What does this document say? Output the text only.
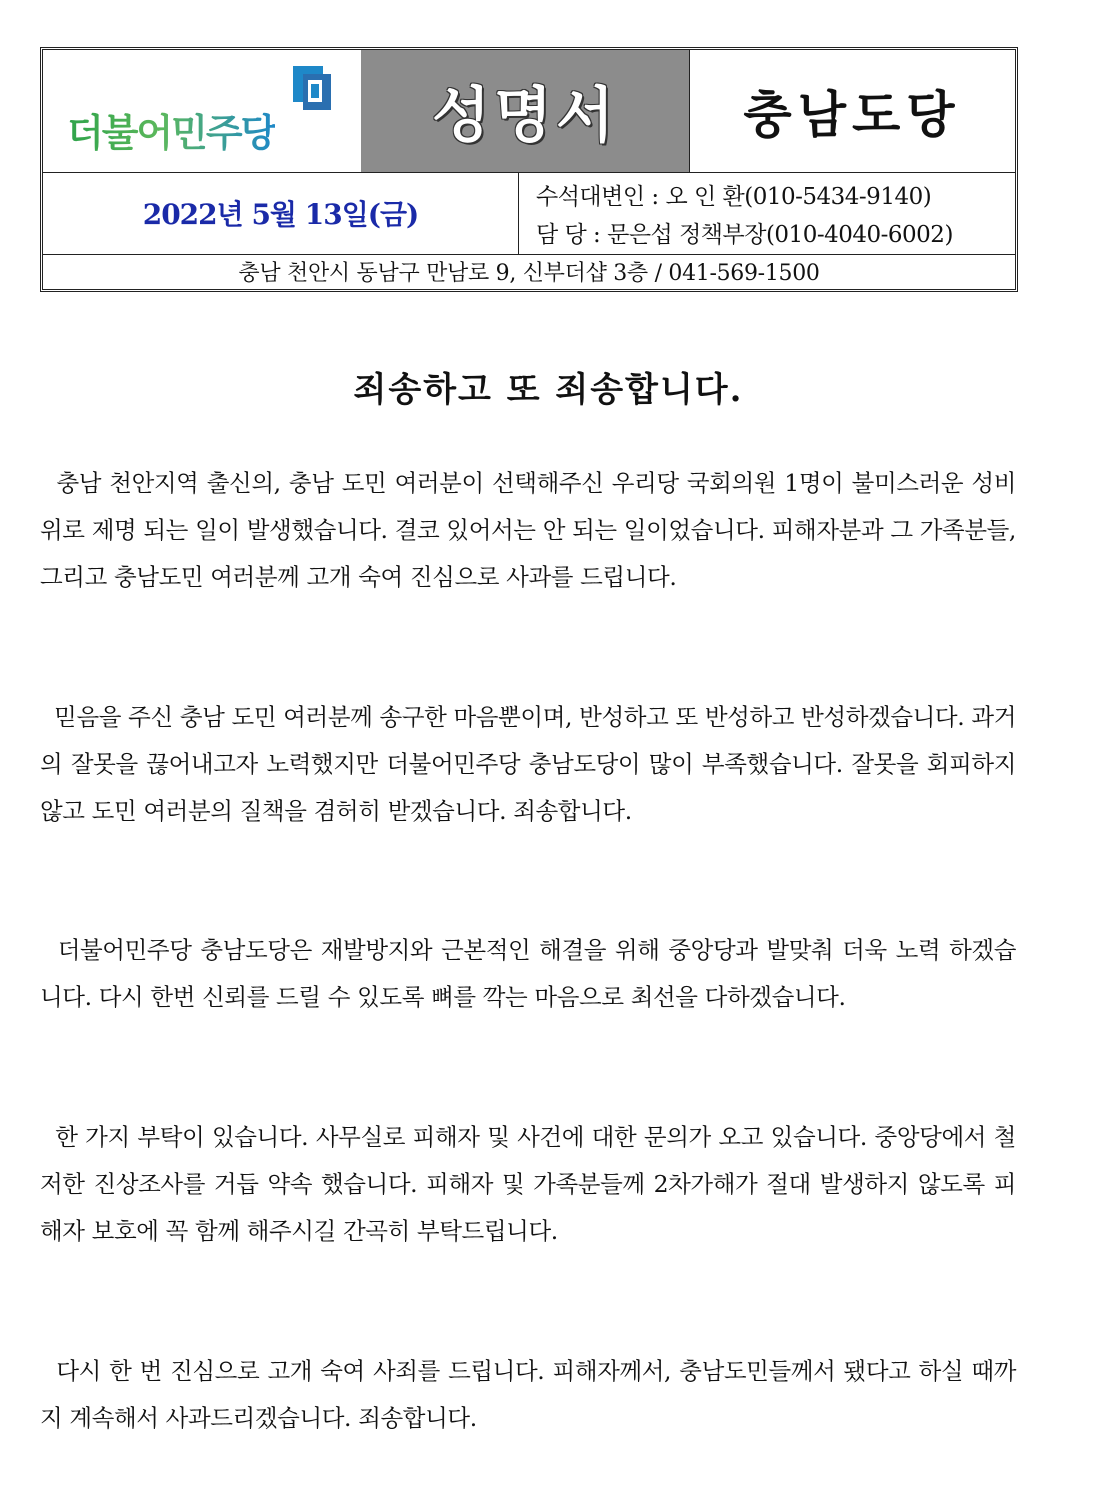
더불어민주당	성명서	충남도당
2022년 5월 13일(금)
수석대변인 : 오 인 환(010-5434-9140)
담 당 : 문은섭 정책부장(010-4040-6002)
충남 천안시 동남구 만남로 9, 신부더샵 3층 / 041-569-1500
죄송하고 또 죄송합니다.
충남 천안지역 출신의, 충남 도민 여러분이 선택해주신 우리당 국회의원 1명이 불미스러운 성비위로 제명 되는 일이 발생했습니다. 결코 있어서는 안 되는 일이었습니다. 피해자분과 그 가족분들, 그리고 충남도민 여러분께 고개 숙여 진심으로 사과를 드립니다.
믿음을 주신 충남 도민 여러분께 송구한 마음뿐이며, 반성하고 또 반성하고 반성하겠습니다. 과거의 잘못을 끊어내고자 노력했지만 더불어민주당 충남도당이 많이 부족했습니다. 잘못을 회피하지 않고 도민 여러분의 질책을 겸허히 받겠습니다. 죄송합니다.
더불어민주당 충남도당은 재발방지와 근본적인 해결을 위해 중앙당과 발맞춰 더욱 노력 하겠습니다. 다시 한번 신뢰를 드릴 수 있도록 뼈를 깍는 마음으로 최선을 다하겠습니다.
한 가지 부탁이 있습니다. 사무실로 피해자 및 사건에 대한 문의가 오고 있습니다. 중앙당에서 철저한 진상조사를 거듭 약속 했습니다. 피해자 및 가족분들께 2차가해가 절대 발생하지 않도록 피해자 보호에 꼭 함께 해주시길 간곡히 부탁드립니다.
다시 한 번 진심으로 고개 숙여 사죄를 드립니다. 피해자께서, 충남도민들께서 됐다고 하실 때까지 계속해서 사과드리겠습니다. 죄송합니다.
